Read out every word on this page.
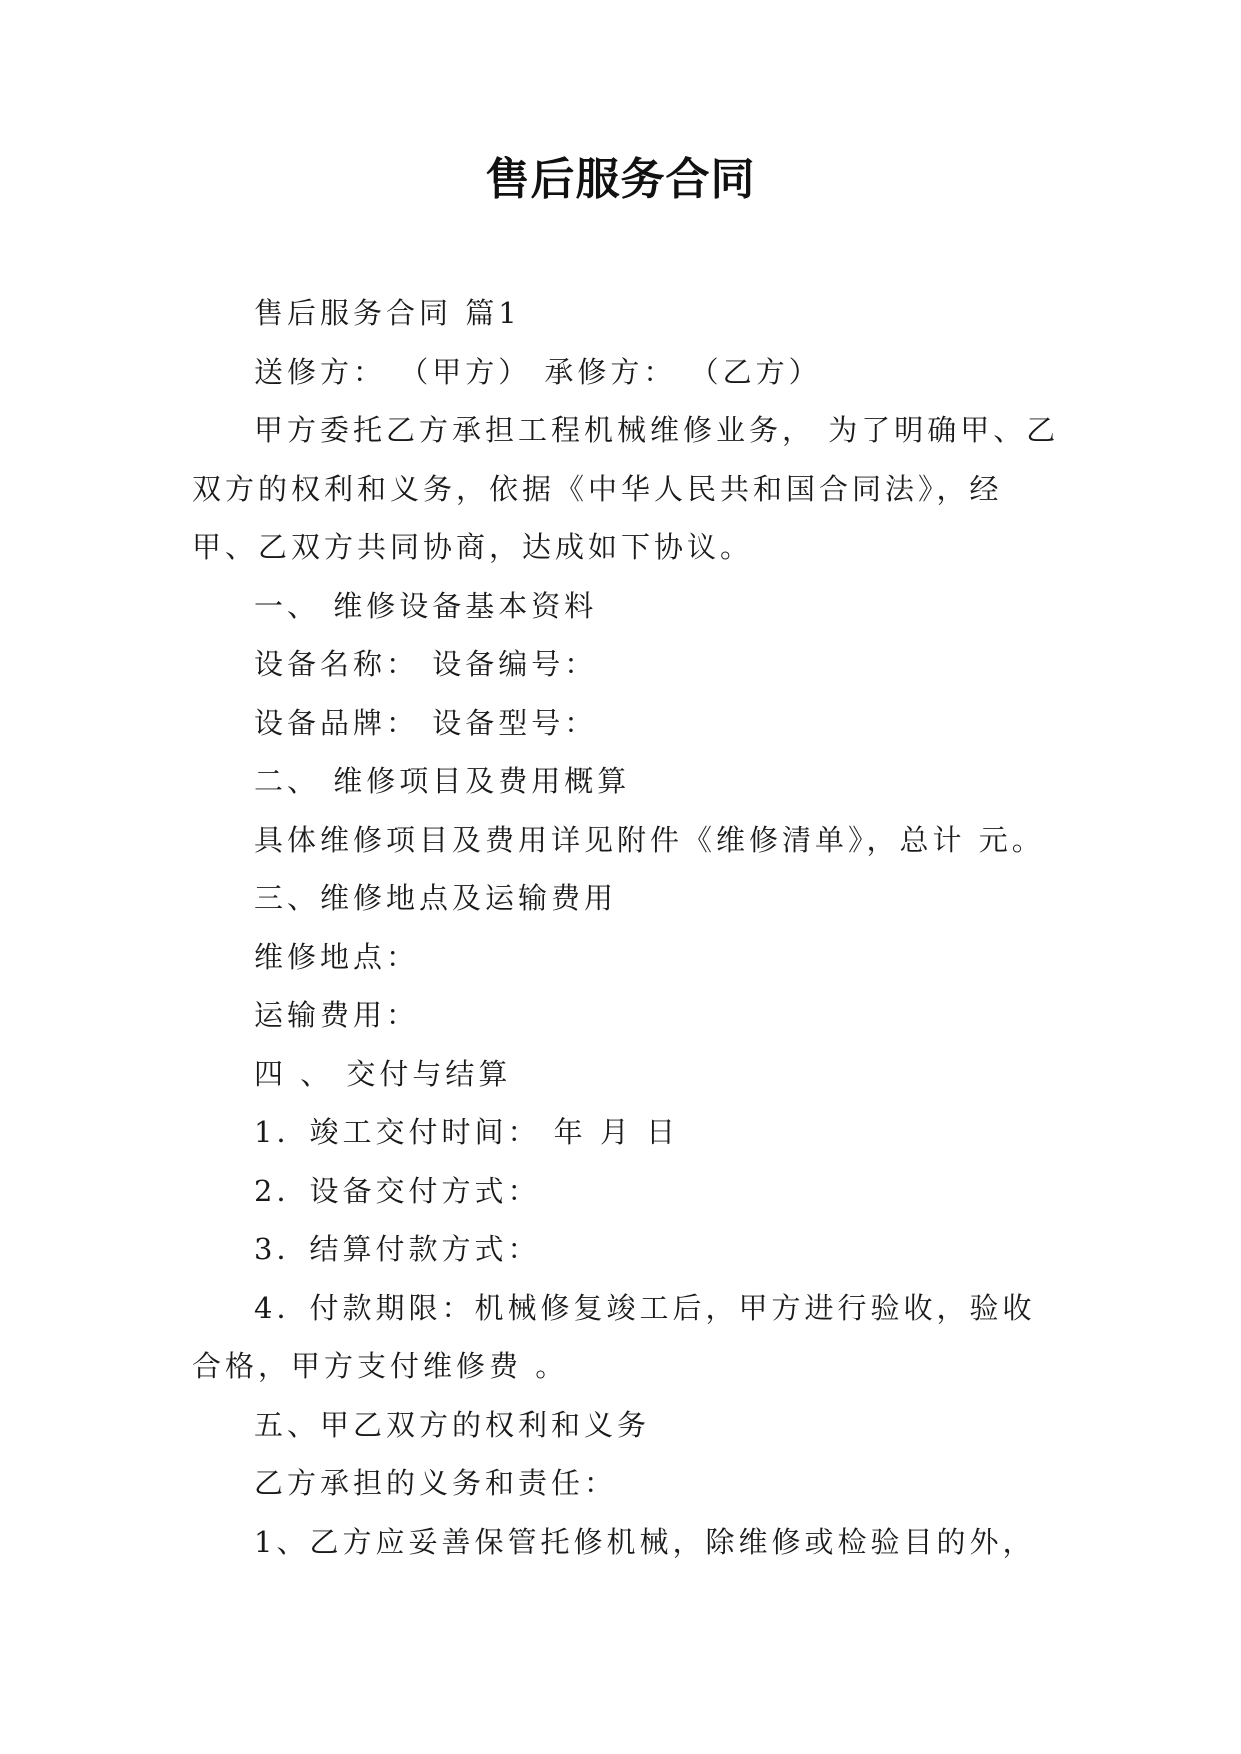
售后服务合同

售后服务合同 篇1

送修方： （甲方） 承修方： （乙方）

甲方委托乙方承担工程机械维修业务， 为了明确甲、乙双方的权利和义务，依据《中华人民共和国合同法》，经甲、乙双方共同协商，达成如下协议。

一、 维修设备基本资料

设备名称： 设备编号：

设备品牌： 设备型号：

二、 维修项目及费用概算

具体维修项目及费用详见附件《维修清单》，总计 元。

三、维修地点及运输费用

维修地点：

运输费用：

四 、 交付与结算

1．竣工交付时间： 年 月 日

2．设备交付方式：

3．结算付款方式：

4．付款期限：机械修复竣工后，甲方进行验收，验收合格，甲方支付维修费 。

五、甲乙双方的权利和义务

乙方承担的义务和责任：

1、乙方应妥善保管托修机械，除维修或检验目的外，
